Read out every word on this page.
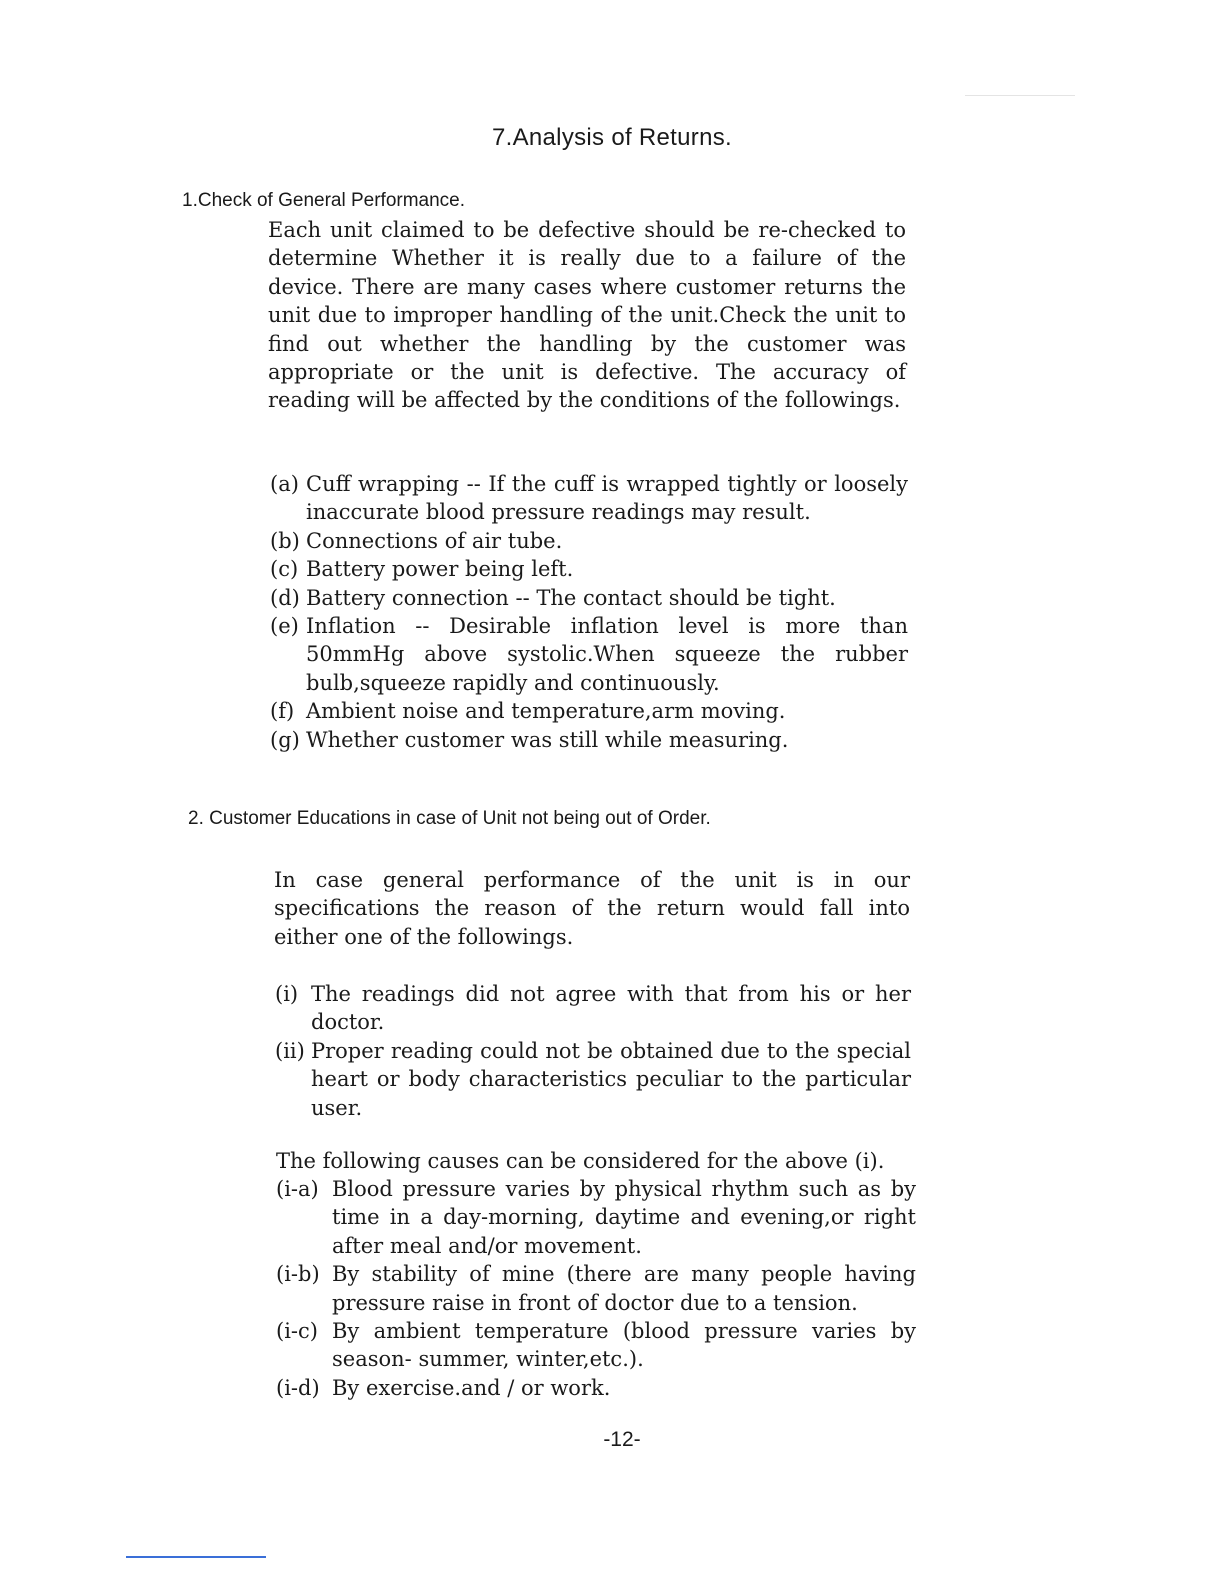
7.Analysis of Returns.
1.Check of General Performance.

Each unit claimed to be defective should be re-checked to determine Whether it is really due to a failure of the device. There are many cases where customer returns the unit due to improper handling of the unit.Check the unit to find out whether the handling by the customer was appropriate or the unit is defective. The accuracy of reading will be affected by the conditions of the followings.

(a) Cuff wrapping -- If the cuff is wrapped tightly or loosely inaccurate blood pressure readings may result.
(b) Connections of air tube.
(c) Battery power being left.
(d) Battery connection -- The contact should be tight.
(e) Inflation -- Desirable inflation level is more than 50mmHg above systolic.When squeeze the rubber bulb,squeeze rapidly and continuously.
(f) Ambient noise and temperature,arm moving.
(g) Whether customer was still while measuring.
2. Customer Educations in case of Unit not being out of Order.

In case general performance of the unit is in our specifications the reason of the return would fall into either one of the followings.

(i) The readings did not agree with that from his or her doctor.
(ii) Proper reading could not be obtained due to the special heart or body characteristics peculiar to the particular user.

The following causes can be considered for the above (i).

(i-a) Blood pressure varies by physical rhythm such as by time in a day-morning, daytime and evening,or right after meal and/or movement.
(i-b) By stability of mine (there are many people having pressure raise in front of doctor due to a tension.
(i-c) By ambient temperature (blood pressure varies by season- summer, winter,etc.).
(i-d) By exercise.and / or work.
-12-
